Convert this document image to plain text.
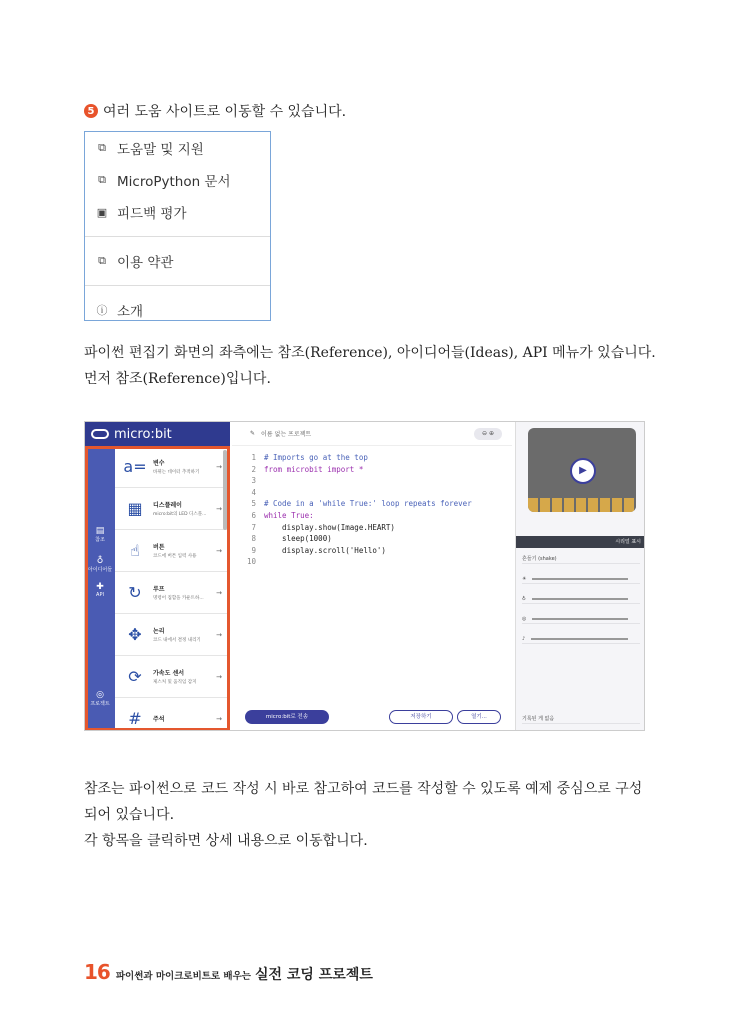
5 여러 도움 사이트로 이동할 수 있습니다.
⧉ 도움말 및 지원
⧉ MicroPython 문서
▣ 피드백 평가
⧉ 이용 약관
ⓘ 소개
파이썬 편집기 화면의 좌측에는 참조(Reference), 아이디어들(Ideas), API 메뉴가 있습니다.
먼저 참조(Reference)입니다.
micro:bit
▤
참조
♁
아이디어들
✚
API
◎
프로젝트
a=	변수
바뀌는 데이터 추적하기
→
▦	디스플레이
micro:bit의 LED 디스플...
→
☝	버튼
코드에 버튼 입력 사용
→
↻	루프
명령어 집합을 카운트하...
→
✥	논리
코드 내에서 결정 내리기
→
⟳	가속도 센서
제스처 및 움직임 감지
→
#	주석	→
✎ 이름 없는 프로젝트	⊖ ⊕
1 # Imports go at the top
2 from microbit import *
3
4
5 # Code in a 'while True:' loop repeats forever
6 while True:
7    display.show(Image.HEART)
8    sleep(1000)
9    display.scroll('Hello')
10
micro:bit로 전송	저장하기	열기...
▶
시리얼 표시
흔들기 (shake)
☀
♁
◎
♪
기록된 게 없음
참조는 파이썬으로 코드 작성 시 바로 참고하여 코드를 작성할 수 있도록 예제 중심으로 구성
되어 있습니다.
각 항목을 클릭하면 상세 내용으로 이동합니다.
16 파이썬과 마이크로비트로 배우는 실전 코딩 프로젝트
